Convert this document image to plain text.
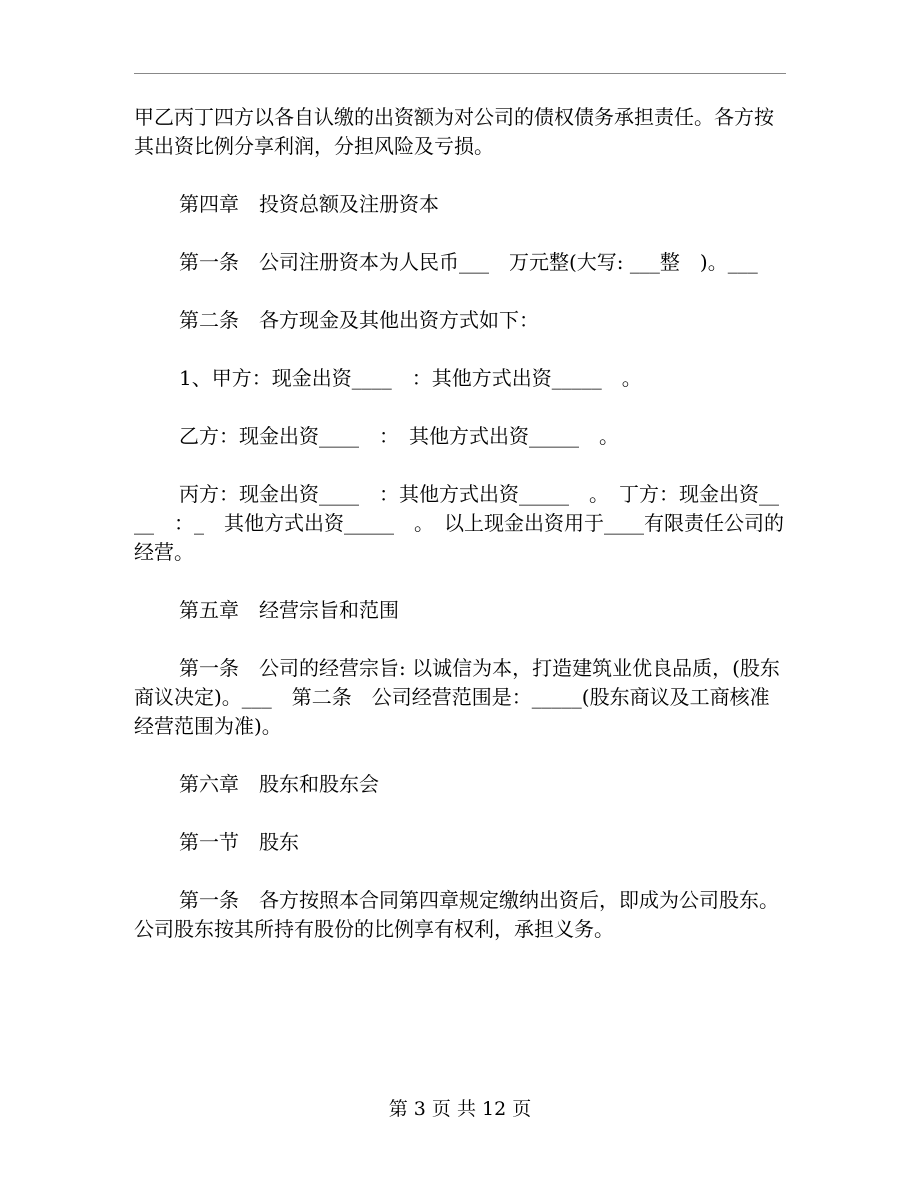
甲乙丙丁四方以各自认缴的出资额为对公司的债权债务承担责任。各方按其出资比例分享利润，分担风险及亏损。

第四章　投资总额及注册资本

第一条　公司注册资本为人民币___　万元整(大写: ___整　)。___

第二条　各方现金及其他出资方式如下：

1、甲方：现金出资____　：其他方式出资_____　。

乙方：现金出资____　：　其他方式出资_____　。

丙方：现金出资____　：其他方式出资_____　。　丁方：现金出资____　：_　其他方式出资_____　。　以上现金出资用于____有限责任公司的经营。

第五章　经营宗旨和范围

第一条　公司的经营宗旨: 以诚信为本，打造建筑业优良品质，(股东商议决定)。___　第二条　公司经营范围是：_____(股东商议及工商核准经营范围为准)。

第六章　股东和股东会

第一节　股东

第一条　各方按照本合同第四章规定缴纳出资后，即成为公司股东。公司股东按其所持有股份的比例享有权利，承担义务。

第 3 页 共 12 页
